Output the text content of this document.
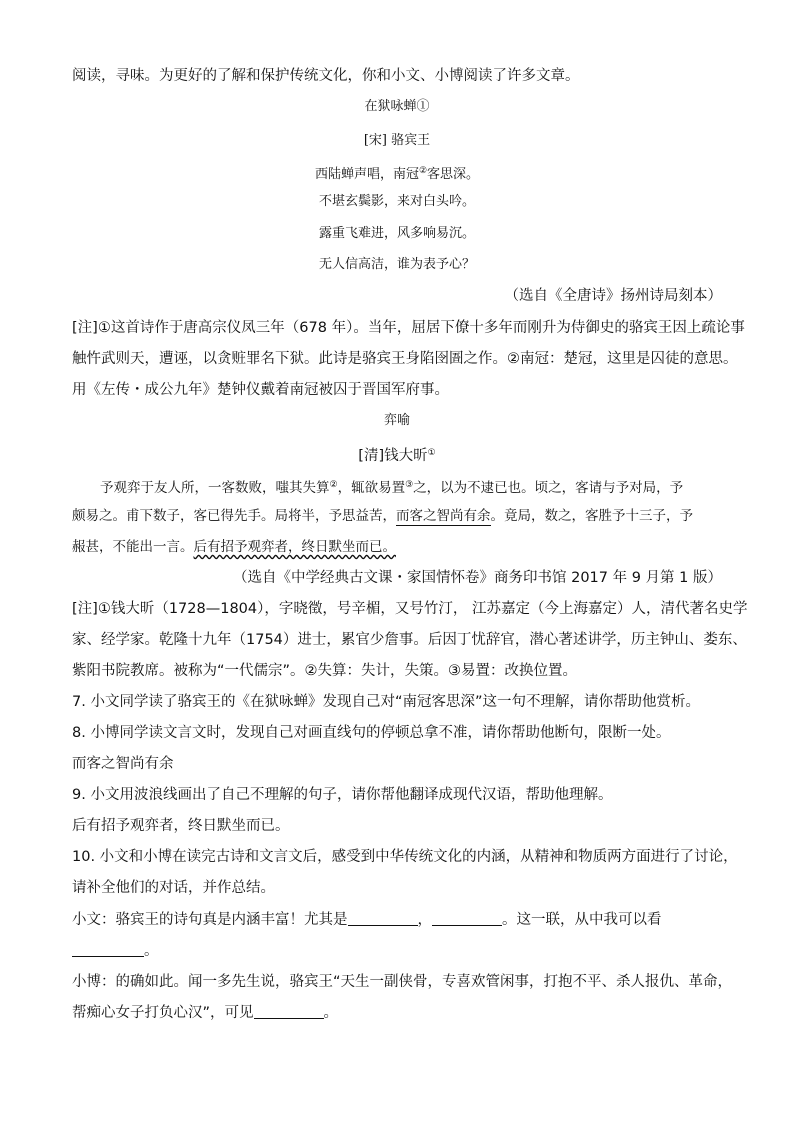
阅读，寻味。为更好的了解和保护传统文化，你和小文、小博阅读了许多文章。
在狱咏蝉①
[宋] 骆宾王
西陆蝉声唱，南冠②客思深。
不堪玄鬓影，来对白头吟。
露重飞难进，风多响易沉。
无人信高洁，谁为表予心？
（选自《全唐诗》扬州诗局刻本）
[注]①这首诗作于唐高宗仪凤三年（678 年）。当年，屈居下僚十多年而刚升为侍御史的骆宾王因上疏论事
触忤武则天，遭诬，以贪赃罪名下狱。此诗是骆宾王身陷囹圄之作。②南冠：楚冠，这里是囚徒的意思。
用《左传・成公九年》楚钟仪戴着南冠被囚于晋国军府事。
弈喻
[清]钱大昕①
予观弈于友人所，一客数败，嗤其失算②，辄欲易置③之，以为不逮已也。顷之，客请与予对局，予
颇易之。甫下数子，客已得先手。局将半，予思益苦，而客之智尚有余。竟局，数之，客胜予十三子，予
赧甚，不能出一言。后有招予观弈者，终日默坐而已。
（选自《中学经典古文课・家国情怀卷》商务印书馆 2017 年 9 月第 1 版）
[注]①钱大昕（1728—1804），字晓徵，号辛楣，又号竹汀， 江苏嘉定（今上海嘉定）人，清代著名史学
家、经学家。乾隆十九年（1754）进士，累官少詹事。后因丁忧辞官，潜心著述讲学，历主钟山、娄东、
紫阳书院教席。被称为“一代儒宗”。②失算：失计，失策。③易置：改换位置。
7. 小文同学读了骆宾王的《在狱咏蝉》发现自己对“南冠客思深”这一句不理解，请你帮助他赏析。
8. 小博同学读文言文时，发现自己对画直线句的停顿总拿不准，请你帮助他断句，限断一处。
而客之智尚有余
9. 小文用波浪线画出了自己不理解的句子，请你帮他翻译成现代汉语，帮助他理解。
后有招予观弈者，终日默坐而已。
10. 小文和小博在读完古诗和文言文后，感受到中华传统文化的内涵，从精神和物质两方面进行了讨论，
请补全他们的对话，并作总结。
小文：骆宾王的诗句真是内涵丰富！尤其是	，	。这一联，从中我可以看
。
小博：的确如此。闻一多先生说，骆宾王“天生一副侠骨，专喜欢管闲事，打抱不平、杀人报仇、革命，
帮痴心女子打负心汉”，可见	。
